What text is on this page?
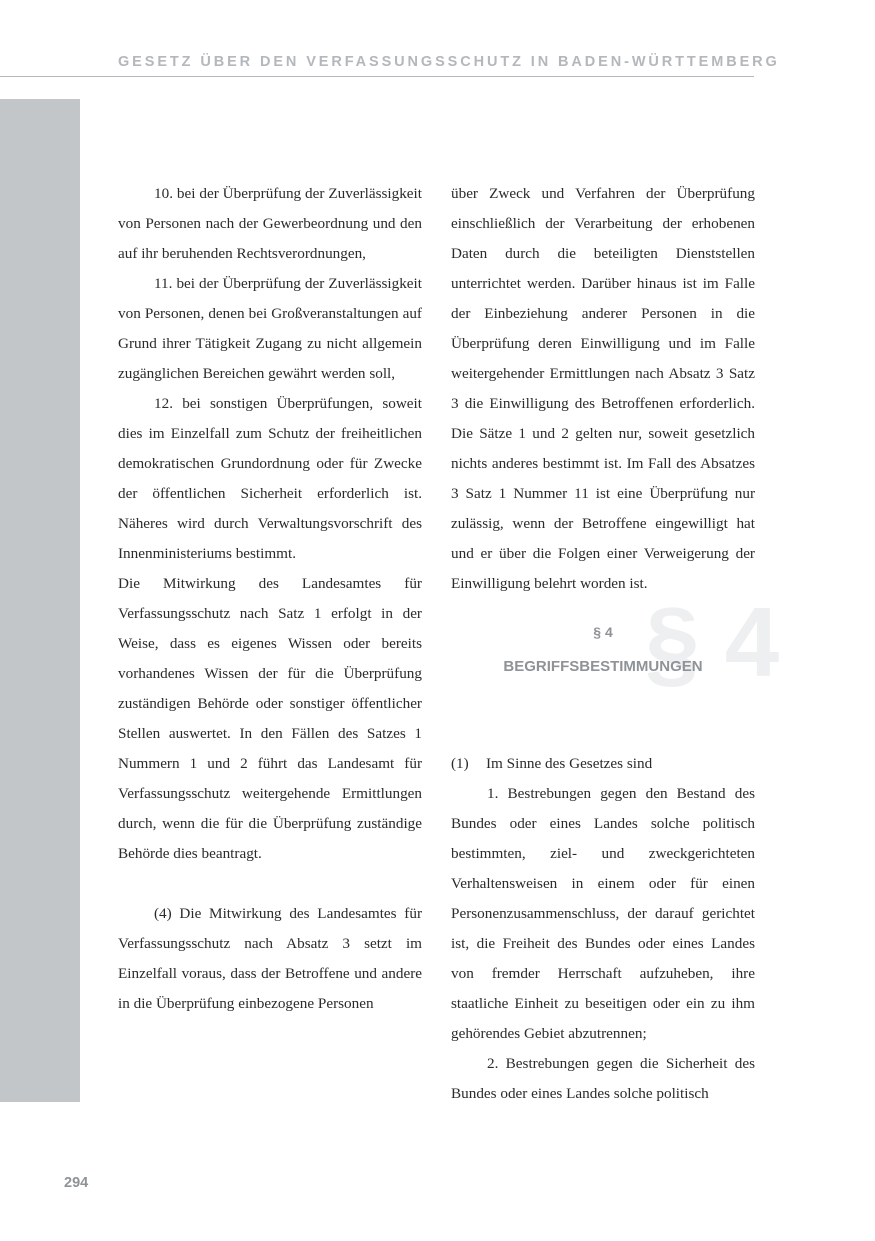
GESETZ ÜBER DEN VERFASSUNGSSCHUTZ IN BADEN-WÜRTTEMBERG

10. bei der Überprüfung der Zuverlässigkeit von Personen nach der Gewerbeordnung und den auf ihr beruhenden Rechtsverordnungen,

11. bei der Überprüfung der Zuverlässigkeit von Personen, denen bei Großveranstaltungen auf Grund ihrer Tätigkeit Zugang zu nicht allgemein zugänglichen Bereichen gewährt werden soll,

12. bei sonstigen Überprüfungen, soweit dies im Einzelfall zum Schutz der freiheitlichen demokratischen Grundordnung oder für Zwecke der öffentlichen Sicherheit erforderlich ist. Näheres wird durch Verwaltungsvorschrift des Innenministeriums bestimmt.

Die Mitwirkung des Landesamtes für Verfassungsschutz nach Satz 1 erfolgt in der Weise, dass es eigenes Wissen oder bereits vorhandenes Wissen der für die Überprüfung zuständigen Behörde oder sonstiger öffentlicher Stellen auswertet. In den Fällen des Satzes 1 Nummern 1 und 2 führt das Landesamt für Verfassungsschutz weitergehende Ermittlungen durch, wenn die für die Überprüfung zuständige Behörde dies beantragt.

(4) Die Mitwirkung des Landesamtes für Verfassungsschutz nach Absatz 3 setzt im Einzelfall voraus, dass der Betroffene und andere in die Überprüfung einbezogene Personen

über Zweck und Verfahren der Überprüfung einschließlich der Verarbeitung der erhobenen Daten durch die beteiligten Dienststellen unterrichtet werden. Darüber hinaus ist im Falle der Einbeziehung anderer Personen in die Überprüfung deren Einwilligung und im Falle weitergehender Ermittlungen nach Absatz 3 Satz 3 die Einwilligung des Betroffenen erforderlich. Die Sätze 1 und 2 gelten nur, soweit gesetzlich nichts anderes bestimmt ist. Im Fall des Absatzes 3 Satz 1 Nummer 11 ist eine Überprüfung nur zulässig, wenn der Betroffene eingewilligt hat und er über die Folgen einer Verweigerung der Einwilligung belehrt worden ist.

§ 4
§ 4
BEGRIFFSBESTIMMUNGEN

(1) Im Sinne des Gesetzes sind

1. Bestrebungen gegen den Bestand des Bundes oder eines Landes solche politisch bestimmten, ziel- und zweckgerichteten Verhaltensweisen in einem oder für einen Personenzusammenschluss, der darauf gerichtet ist, die Freiheit des Bundes oder eines Landes von fremder Herrschaft aufzuheben, ihre staatliche Einheit zu beseitigen oder ein zu ihm gehörendes Gebiet abzutrennen;

2. Bestrebungen gegen die Sicherheit des Bundes oder eines Landes solche politisch

294
